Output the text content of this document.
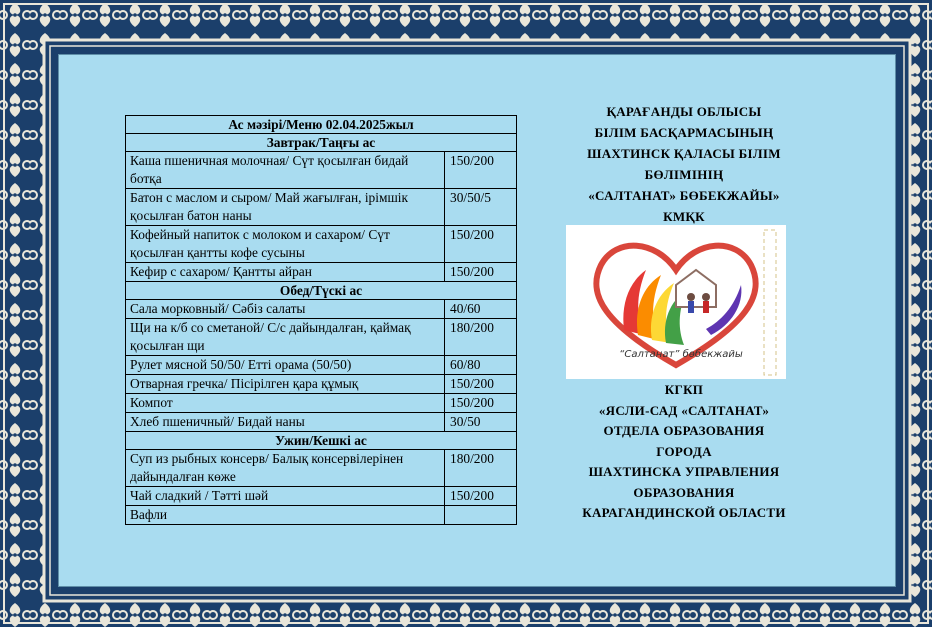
Ас мәзірі/Меню 02.04.2025жыл	
Завтрак/Таңғы ас	
Каша пшеничная молочная/ Сүт қосылған бидай ботқа	150/200
Батон с маслом и сыром/ Май жағылған, ірімшік қосылған батон наны	30/50/5
Кофейный напиток с молоком и сахаром/ Сүт қосылған қантты кофе сусыны	150/200
Кефир с сахаром/ Қантты айран	150/200
Обед/Түскі ас	
Сала морковный/ Сәбіз салаты	40/60
Щи на к/б со сметаной/ С/с дайындалған, қаймақ қосылған щи	180/200
Рулет мясной 50/50/ Етті орама (50/50)	60/80
Отварная гречка/ Пісірілген қара құмық	150/200
Компот	150/200
Хлеб пшеничный/ Бидай наны	30/50
Ужин/Кешкі ас	
Суп из рыбных консерв/ Балық консервілерінен дайындалған көже	180/200
Чай сладкий / Тәтті шәй	150/200
Вафли	
ҚАРАҒАНДЫ ОБЛЫСЫ
БІЛІМ БАСҚАРМАСЫНЫҢ
ШАХТИНСК ҚАЛАСЫ БІЛІМ
БӨЛІМІНІҢ
«САЛТАНАТ» БӨБЕКЖАЙЫ»
КМҚК
“Салтанат” бөбекжайы
КГКП
«ЯСЛИ-САД «САЛТАНАТ»
ОТДЕЛА ОБРАЗОВАНИЯ
ГОРОДА
ШАХТИНСКА УПРАВЛЕНИЯ
ОБРАЗОВАНИЯ
КАРАГАНДИНСКОЙ ОБЛАСТИ
